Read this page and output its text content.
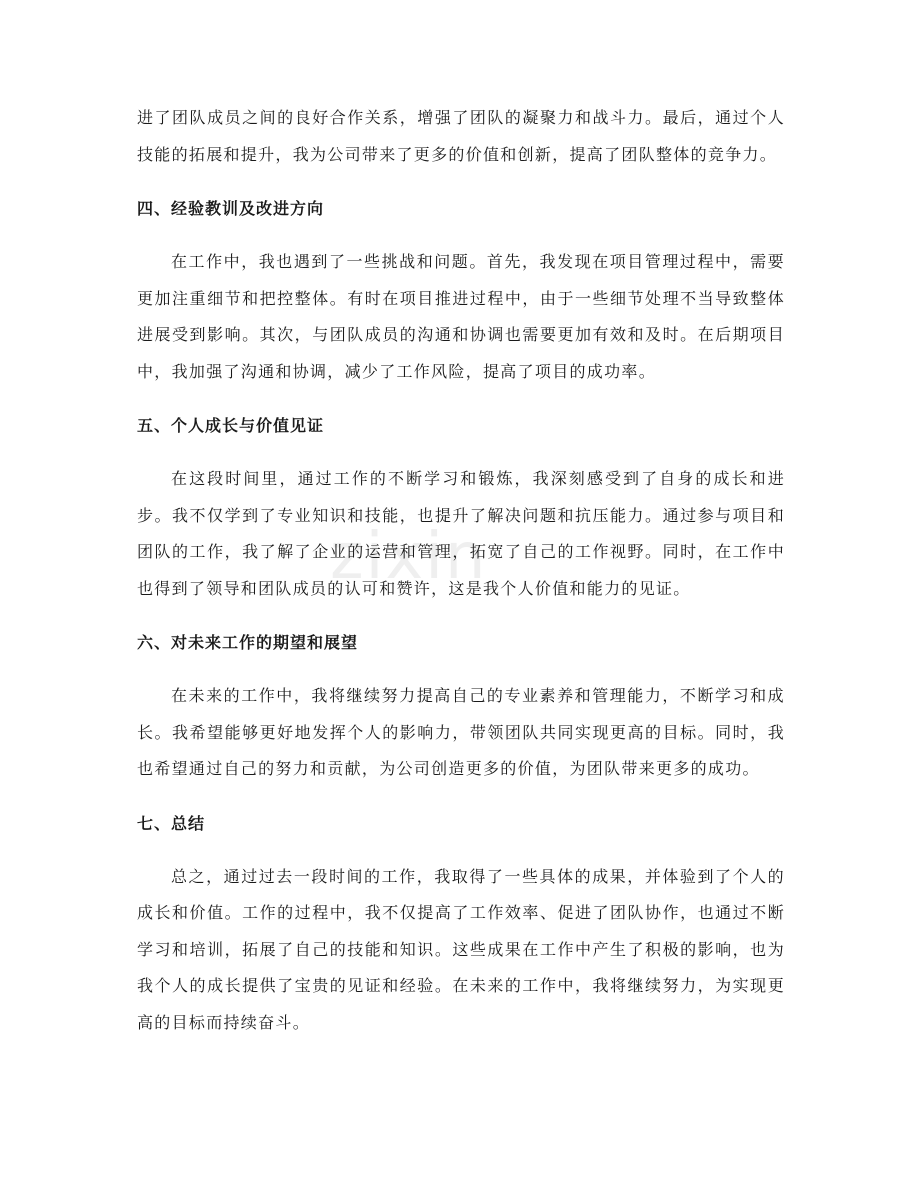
zixin

进了团队成员之间的良好合作关系，增强了团队的凝聚力和战斗力。最后，通过个人技能的拓展和提升，我为公司带来了更多的价值和创新，提高了团队整体的竞争力。

四、经验教训及改进方向

在工作中，我也遇到了一些挑战和问题。首先，我发现在项目管理过程中，需要更加注重细节和把控整体。有时在项目推进过程中，由于一些细节处理不当导致整体进展受到影响。其次，与团队成员的沟通和协调也需要更加有效和及时。在后期项目中，我加强了沟通和协调，减少了工作风险，提高了项目的成功率。

五、个人成长与价值见证

在这段时间里，通过工作的不断学习和锻炼，我深刻感受到了自身的成长和进步。我不仅学到了专业知识和技能，也提升了解决问题和抗压能力。通过参与项目和团队的工作，我了解了企业的运营和管理，拓宽了自己的工作视野。同时，在工作中也得到了领导和团队成员的认可和赞许，这是我个人价值和能力的见证。

六、对未来工作的期望和展望

在未来的工作中，我将继续努力提高自己的专业素养和管理能力，不断学习和成长。我希望能够更好地发挥个人的影响力，带领团队共同实现更高的目标。同时，我也希望通过自己的努力和贡献，为公司创造更多的价值，为团队带来更多的成功。

七、总结

总之，通过过去一段时间的工作，我取得了一些具体的成果，并体验到了个人的成长和价值。工作的过程中，我不仅提高了工作效率、促进了团队协作，也通过不断学习和培训，拓展了自己的技能和知识。这些成果在工作中产生了积极的影响，也为我个人的成长提供了宝贵的见证和经验。在未来的工作中，我将继续努力，为实现更高的目标而持续奋斗。
